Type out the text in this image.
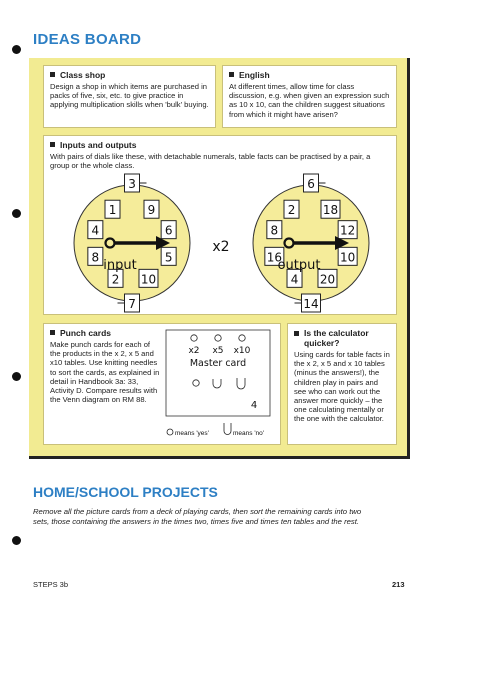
IDEAS BOARD

Class shop

Design a shop in which items are purchased in packs of five, six, etc. to give practice in applying multiplication skills when 'bulk' buying.

English

At different times, allow time for class discussion, e.g. when given an expression such as 10 x 10, can the children suggest situations from which it might have arisen?

Inputs and outputs

With pairs of dials like these, with detachable numerals, table facts can be practised by a pair, a group or the whole class.

8
4
1
3
9
6
5
10
7
2
input
16
8
2
6
18
12
10
20
14
4
output
x2

Punch cards

Make punch cards for each of the products in the x 2, x 5 and x10 tables. Use knitting needles to sort the cards, as explained in detail in Handbook 3a: 33, Activity D. Compare results with the Venn diagram on RM 88.

x2 x5 x10
Master card
4
means 'yes'	means 'no'

Is the calculator quicker?

Using cards for table facts in the x 2, x 5 and x 10 tables (minus the answers!), the children play in pairs and see who can work out the answer more quickly – the one calculating mentally or the one with the calculator.

HOME/SCHOOL PROJECTS
Remove all the picture cards from a deck of playing cards, then sort the remaining cards into two sets, those containing the answers in the times two, times five and times ten tables and the rest.
STEPS 3b	213
